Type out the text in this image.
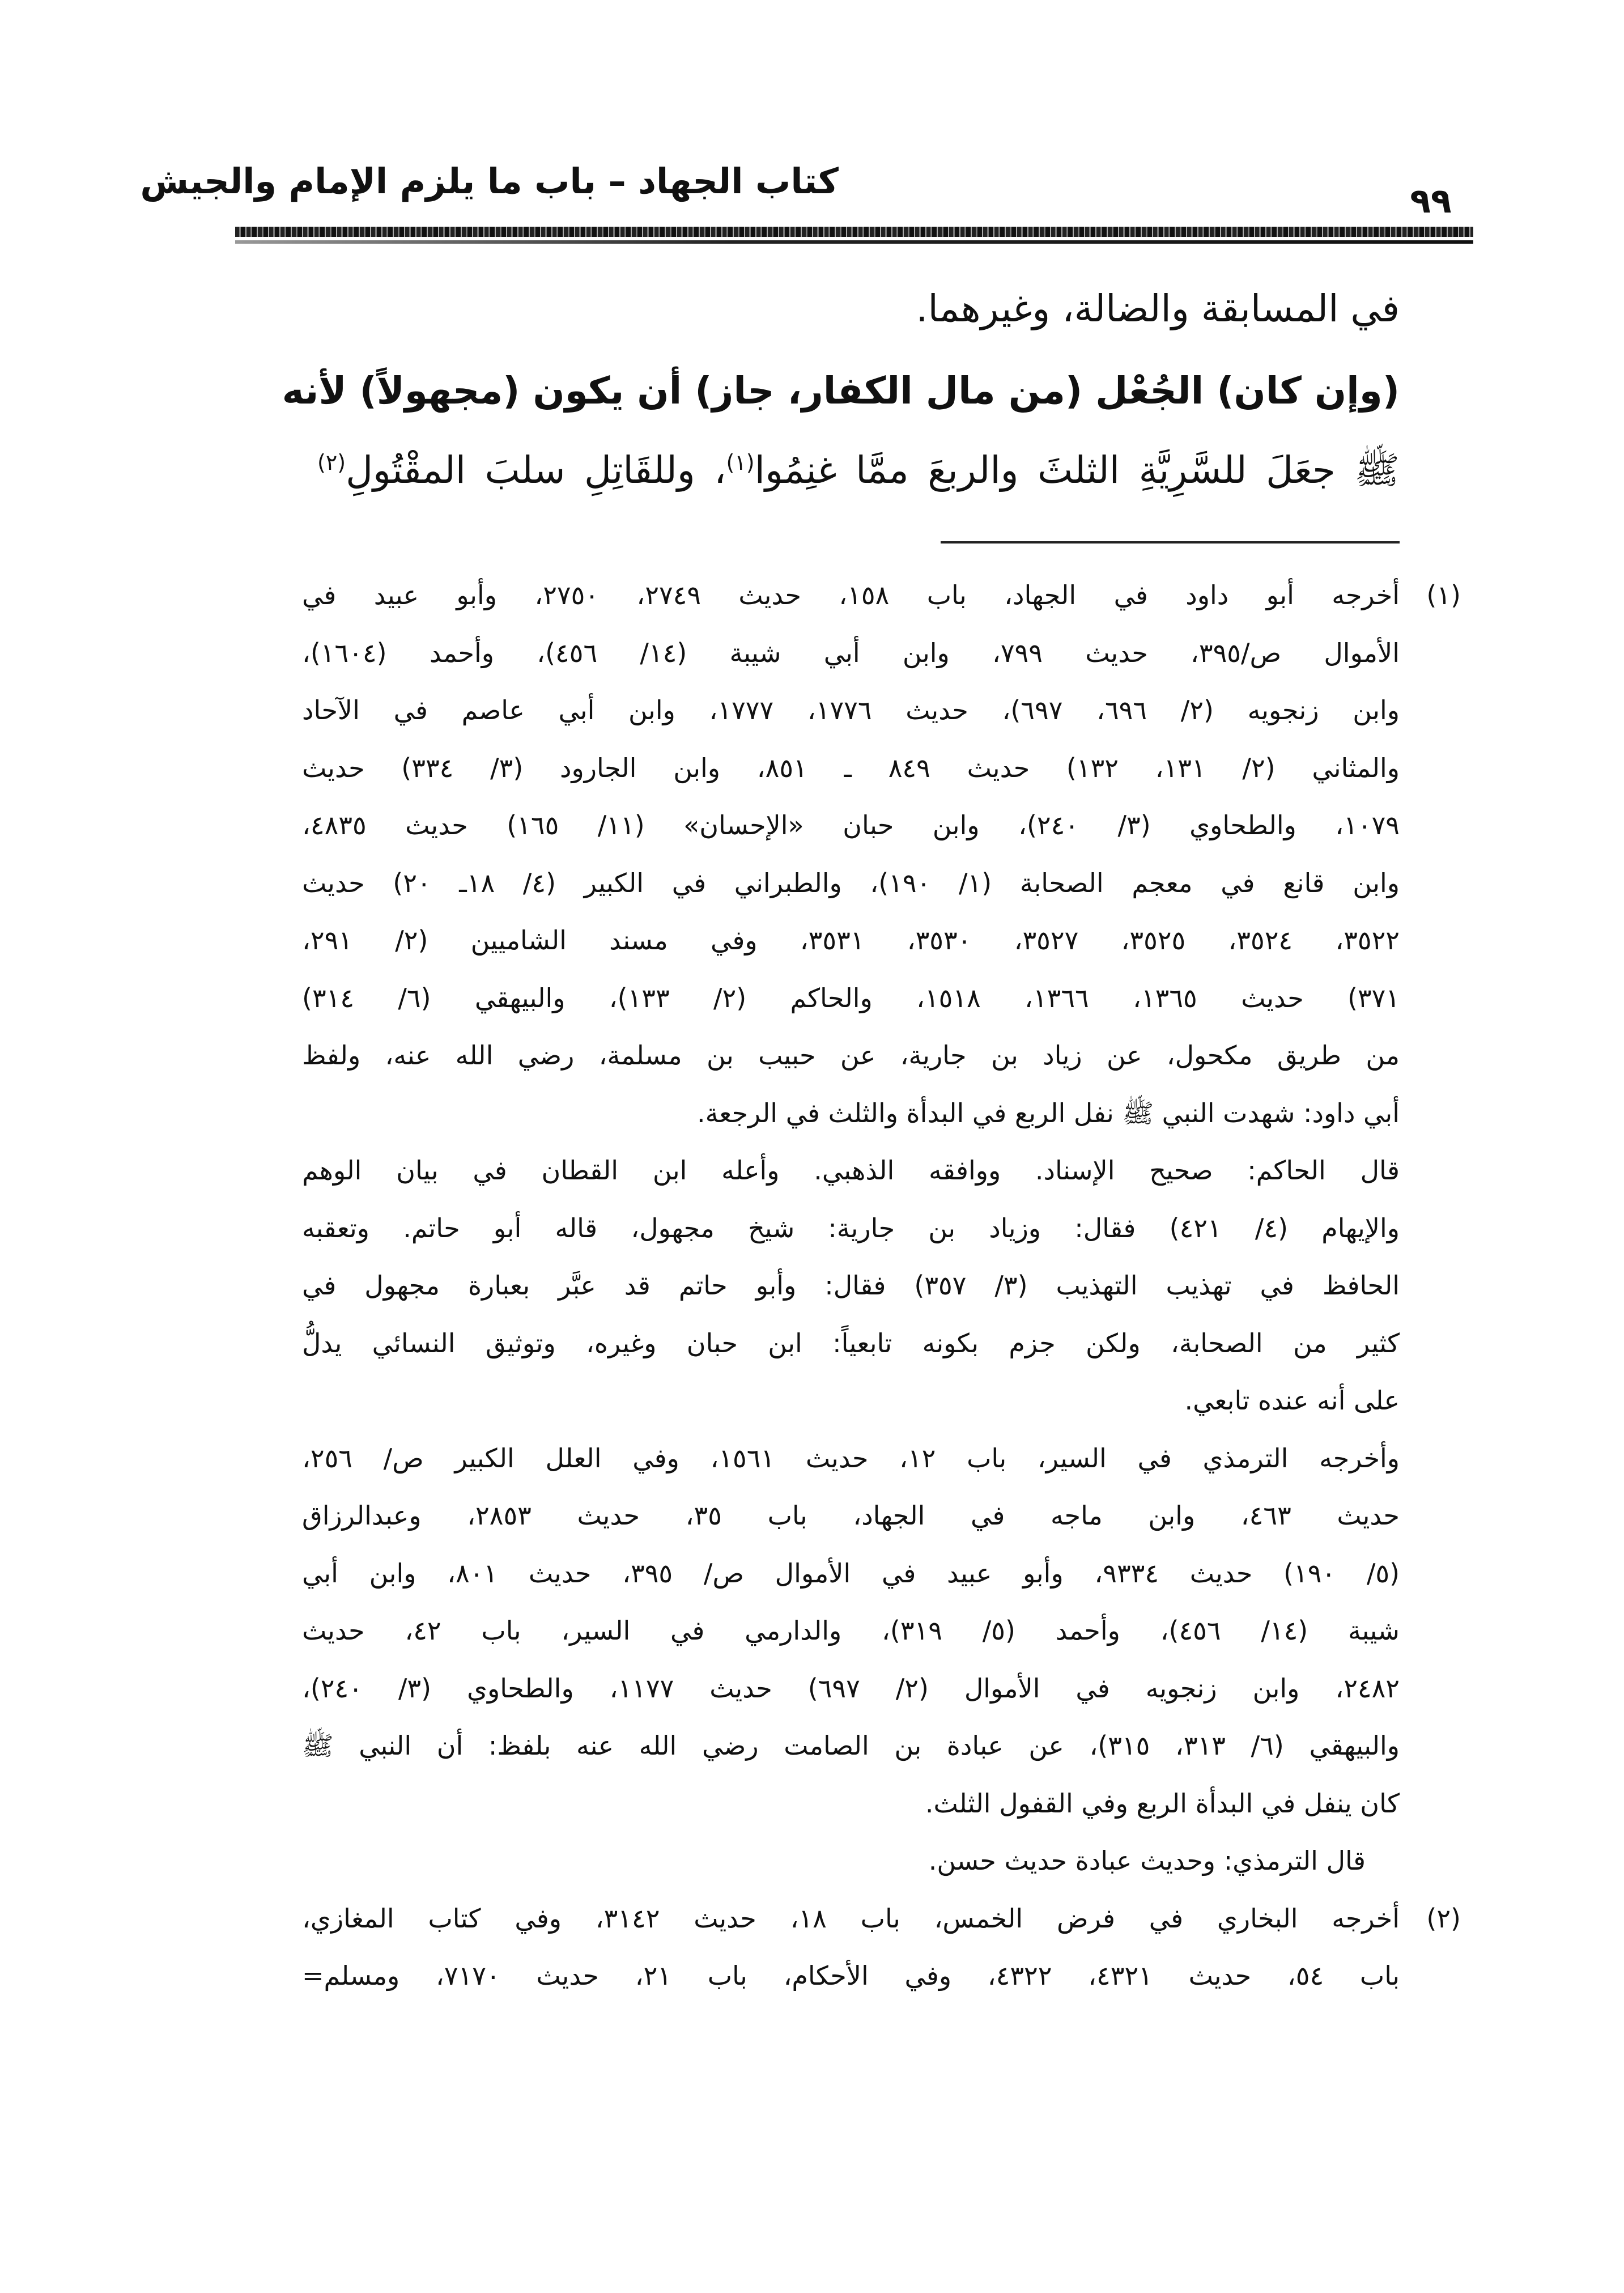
كتاب الجهاد – باب ما يلزم الإمام والجيش	٩٩
في المسابقة والضالة، وغيرهما.
(وإن كان) الجُعْل (من مال الكفار، جاز) أن يكون (مجهولاً) لأنه
ﷺ جعَلَ للسَّرِيَّةِ الثلثَ والربعَ ممَّا غنِمُوا$^{(١)}$، وللقَاتِلِ سلبَ المقْتُولِ$^{(٢)}$
أخرجه أبو داود في الجهاد، باب ١٥٨، حديث ٢٧٤٩، ٢٧٥٠، وأبو عبيد في	(١)
الأموال ص/٣٩٥، حديث ٧٩٩، وابن أبي شيبة (١٤/ ٤٥٦)، وأحمد (١٦٠٤)،
وابن زنجويه (٢/ ٦٩٦، ٦٩٧)، حديث ١٧٧٦، ١٧٧٧، وابن أبي عاصم في الآحاد
والمثاني (٢/ ١٣١، ١٣٢) حديث ٨٤٩ ـ ٨٥١، وابن الجارود (٣/ ٣٣٤) حديث
١٠٧٩، والطحاوي (٣/ ٢٤٠)، وابن حبان «الإحسان» (١١/ ١٦٥) حديث ٤٨٣٥،
وابن قانع في معجم الصحابة (١/ ١٩٠)، والطبراني في الكبير (٤/ ١٨ـ ٢٠) حديث
٣٥٢٢، ٣٥٢٤، ٣٥٢٥، ٣٥٢٧، ٣٥٣٠، ٣٥٣١، وفي مسند الشاميين (٢/ ٢٩١،
٣٧١) حديث ١٣٦٥، ١٣٦٦، ١٥١٨، والحاكم (٢/ ١٣٣)، والبيهقي (٦/ ٣١٤)
من طريق مكحول، عن زياد بن جارية، عن حبيب بن مسلمة، رضي الله عنه، ولفظ
أبي داود: شهدت النبي ﷺ نفل الربع في البدأة والثلث في الرجعة.
قال الحاكم: صحيح الإسناد. ووافقه الذهبي. وأعله ابن القطان في بيان الوهم
والإيهام (٤/ ٤٢١) فقال: وزياد بن جارية: شيخ مجهول، قاله أبو حاتم. وتعقبه
الحافظ في تهذيب التهذيب (٣/ ٣٥٧) فقال: وأبو حاتم قد عبَّر بعبارة مجهول في
كثير من الصحابة، ولكن جزم بكونه تابعياً: ابن حبان وغيره، وتوثيق النسائي يدلُّ
على أنه عنده تابعي.
وأخرجه الترمذي في السير، باب ١٢، حديث ١٥٦١، وفي العلل الكبير ص/ ٢٥٦،
حديث ٤٦٣، وابن ماجه في الجهاد، باب ٣٥، حديث ٢٨٥٣، وعبدالرزاق
(٥/ ١٩٠) حديث ٩٣٣٤، وأبو عبيد في الأموال ص/ ٣٩٥، حديث ٨٠١، وابن أبي
شيبة (١٤/ ٤٥٦)، وأحمد (٥/ ٣١٩)، والدارمي في السير، باب ٤٢، حديث
٢٤٨٢، وابن زنجويه في الأموال (٢/ ٦٩٧) حديث ١١٧٧، والطحاوي (٣/ ٢٤٠)،
والبيهقي (٦/ ٣١٣، ٣١٥)، عن عبادة بن الصامت رضي الله عنه بلفظ: أن النبي ﷺ
كان ينفل في البدأة الربع وفي القفول الثلث.
قال الترمذي: وحديث عبادة حديث حسن.
أخرجه البخاري في فرض الخمس، باب ١٨، حديث ٣١٤٢، وفي كتاب المغازي،	(٢)
باب ٥٤، حديث ٤٣٢١، ٤٣٢٢، وفي الأحكام، باب ٢١، حديث ٧١٧٠، ومسلم=
